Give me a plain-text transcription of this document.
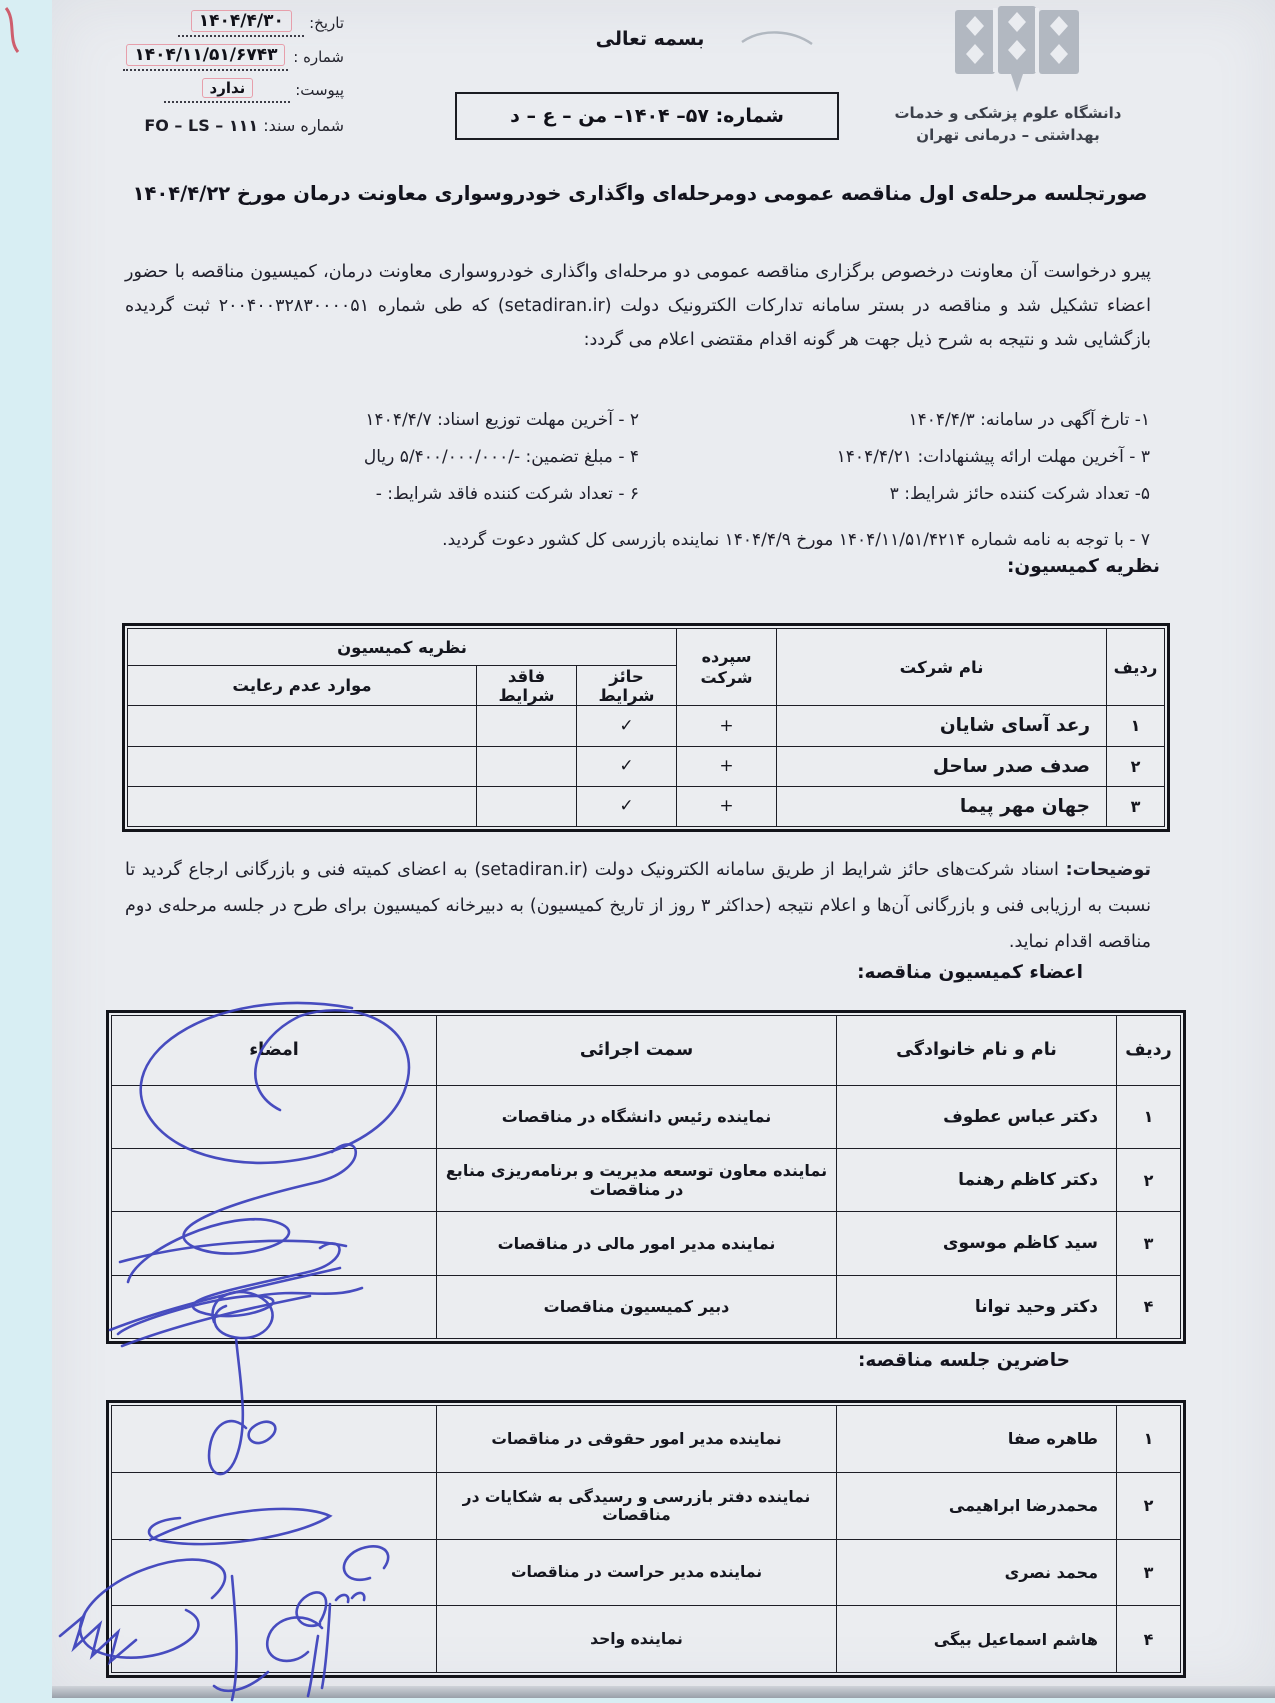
تاریخ: ۱۴۰۴/۴/۳۰
شماره : ۱۴۰۴/۱۱/۵۱/۶۷۴۳
پیوست: ندارد
شماره سند: ۱۱۱ – FO – LS
بسمه تعالی
شماره: ۵۷– ۱۴۰۴– من – ع – د	دانشگاه علوم پزشکی و خدمات
بهداشتی – درمانی تهران
صورتجلسه مرحله‌ی اول مناقصه عمومی دومرحله‌ای واگذاری خودروسواری معاونت درمان مورخ ۱۴۰۴/۴/۲۲

پیرو درخواست آن معاونت درخصوص برگزاری مناقصه عمومی دو مرحله‌ای واگذاری خودروسواری معاونت درمان، کمیسیون مناقصه با حضور اعضاء تشکیل شد و مناقصه در بستر سامانه تدارکات الکترونیک دولت (setadiran.ir) که طی شماره ۲۰۰۴۰۰۳۲۸۳۰۰۰۰۵۱ ثبت گردیده بازگشایی شد و نتیجه به شرح ذیل جهت هر گونه اقدام مقتضی اعلام می گردد:

۱- تارخ آگهی در سامانه: ۱۴۰۴/۴/۳
۲ - آخرین مهلت توزیع اسناد: ۱۴۰۴/۴/۷
۳ - آخرین مهلت ارائه پیشنهادات: ۱۴۰۴/۴/۲۱
۴ - مبلغ تضمین: -/۵/۴۰۰/۰۰۰/۰۰۰ ریال
۵- تعداد شرکت کننده حائز شرایط: ۳
۶ - تعداد شرکت کننده فاقد شرایط: -
۷ - با توجه به نامه شماره ۱۴۰۴/۱۱/۵۱/۴۲۱۴ مورخ ۱۴۰۴/۴/۹ نماینده بازرسی کل کشور دعوت گردید.
نظریه کمیسیون:
ردیف	نام شرکت	سپرده
شرکت	نظریه کمیسیون		
			حائز شرایط	فاقد شرایط	موارد عدم رعایت
۱	رعد آسای شایان	+	✓		
۲	صدف صدر ساحل	+	✓		
۳	جهان مهر پیما	+	✓		

توضیحات: اسناد شرکت‌های حائز شرایط از طریق سامانه الکترونیک دولت (setadiran.ir) به اعضای کمیته فنی و بازرگانی ارجاع گردید تا نسبت به ارزیابی فنی و بازرگانی آن‌ها و اعلام نتیجه (حداکثر ۳ روز از تاریخ کمیسیون) به دبیرخانه کمیسیون برای طرح در جلسه مرحله‌ی دوم مناقصه اقدام نماید.

اعضاء کمیسیون مناقصه:
ردیف	نام و نام خانوادگی	سمت اجرائی	امضاء
۱	دکتر عباس عطوف	نماینده رئیس دانشگاه در مناقصات	
۲	دکتر کاظم رهنما	نماینده معاون توسعه مدیریت و برنامه‌ریزی منابع در مناقصات	
۳	سید کاظم موسوی	نماینده مدیر امور مالی در مناقصات	
۴	دکتر وحید توانا	دبیر کمیسیون مناقصات	
حاضرین جلسه مناقصه:
۱	طاهره صفا	نماینده مدیر امور حقوقی در مناقصات	
۲	محمدرضا ابراهیمی	نماینده دفتر بازرسی و رسیدگی به شکایات در مناقصات	
۳	محمد نصری	نماینده مدیر حراست در مناقصات	
۴	هاشم اسماعیل بیگی	نماینده واحد	
